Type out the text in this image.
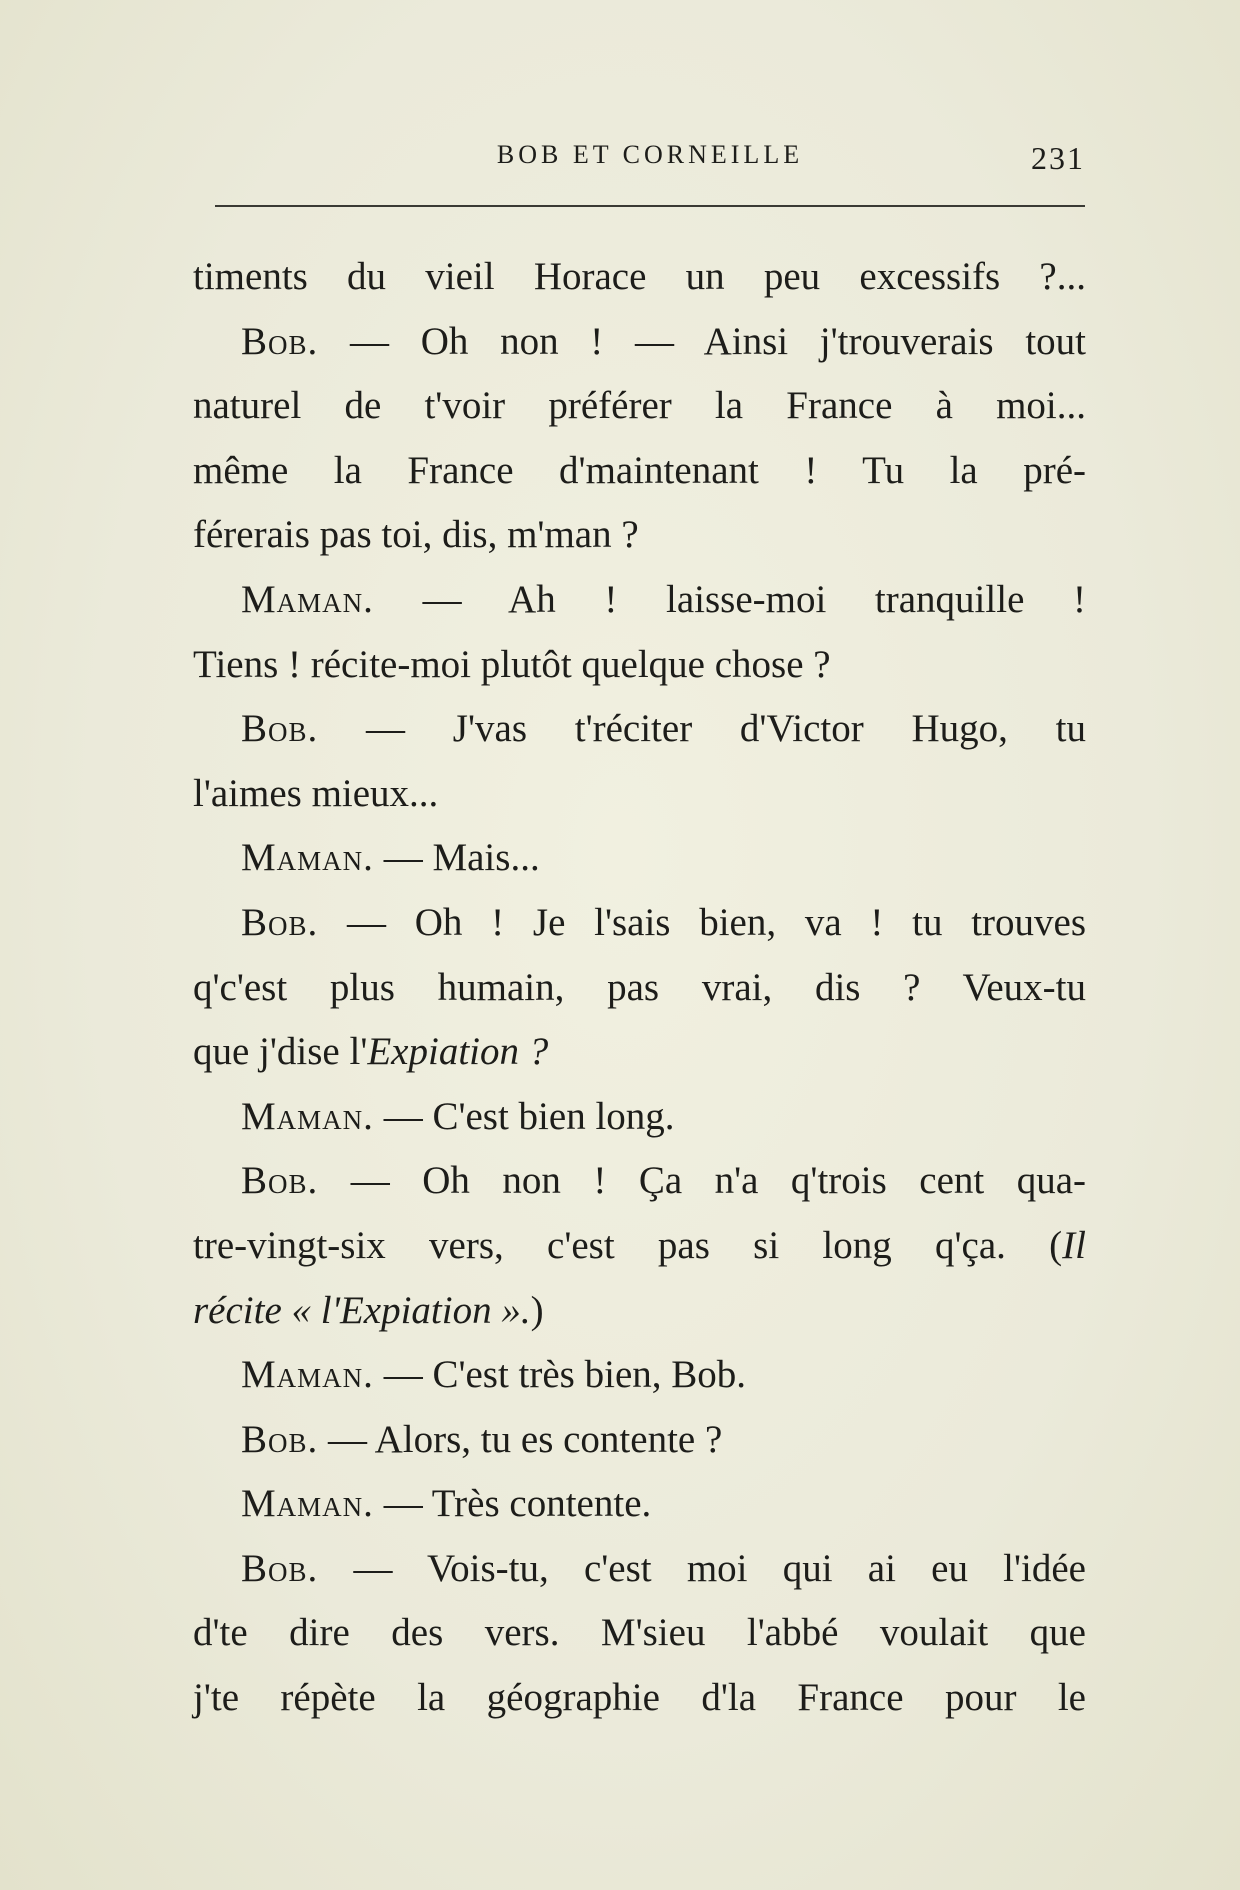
BOB ET CORNEILLE	231
timents du vieil Horace un peu excessifs ?...
Bob. — Oh non ! — Ainsi j'trouverais tout
naturel de t'voir préférer la France à moi...
même la France d'maintenant ! Tu la pré-
férerais pas toi, dis, m'man ?
Maman. — Ah ! laisse-moi tranquille !
Tiens ! récite-moi plutôt quelque chose ?
Bob. — J'vas t'réciter d'Victor Hugo, tu
l'aimes mieux...
Maman. — Mais...
Bob. — Oh ! Je l'sais bien, va ! tu trouves
q'c'est plus humain, pas vrai, dis ? Veux-tu
que j'dise l'Expiation ?
Maman. — C'est bien long.
Bob. — Oh non ! Ça n'a q'trois cent qua-
tre-vingt-six vers, c'est pas si long q'ça. (Il
récite « l'Expiation ».)
Maman. — C'est très bien, Bob.
Bob. — Alors, tu es contente ?
Maman. — Très contente.
Bob. — Vois-tu, c'est moi qui ai eu l'idée
d'te dire des vers. M'sieu l'abbé voulait que
j'te répète la géographie d'la France pour le
